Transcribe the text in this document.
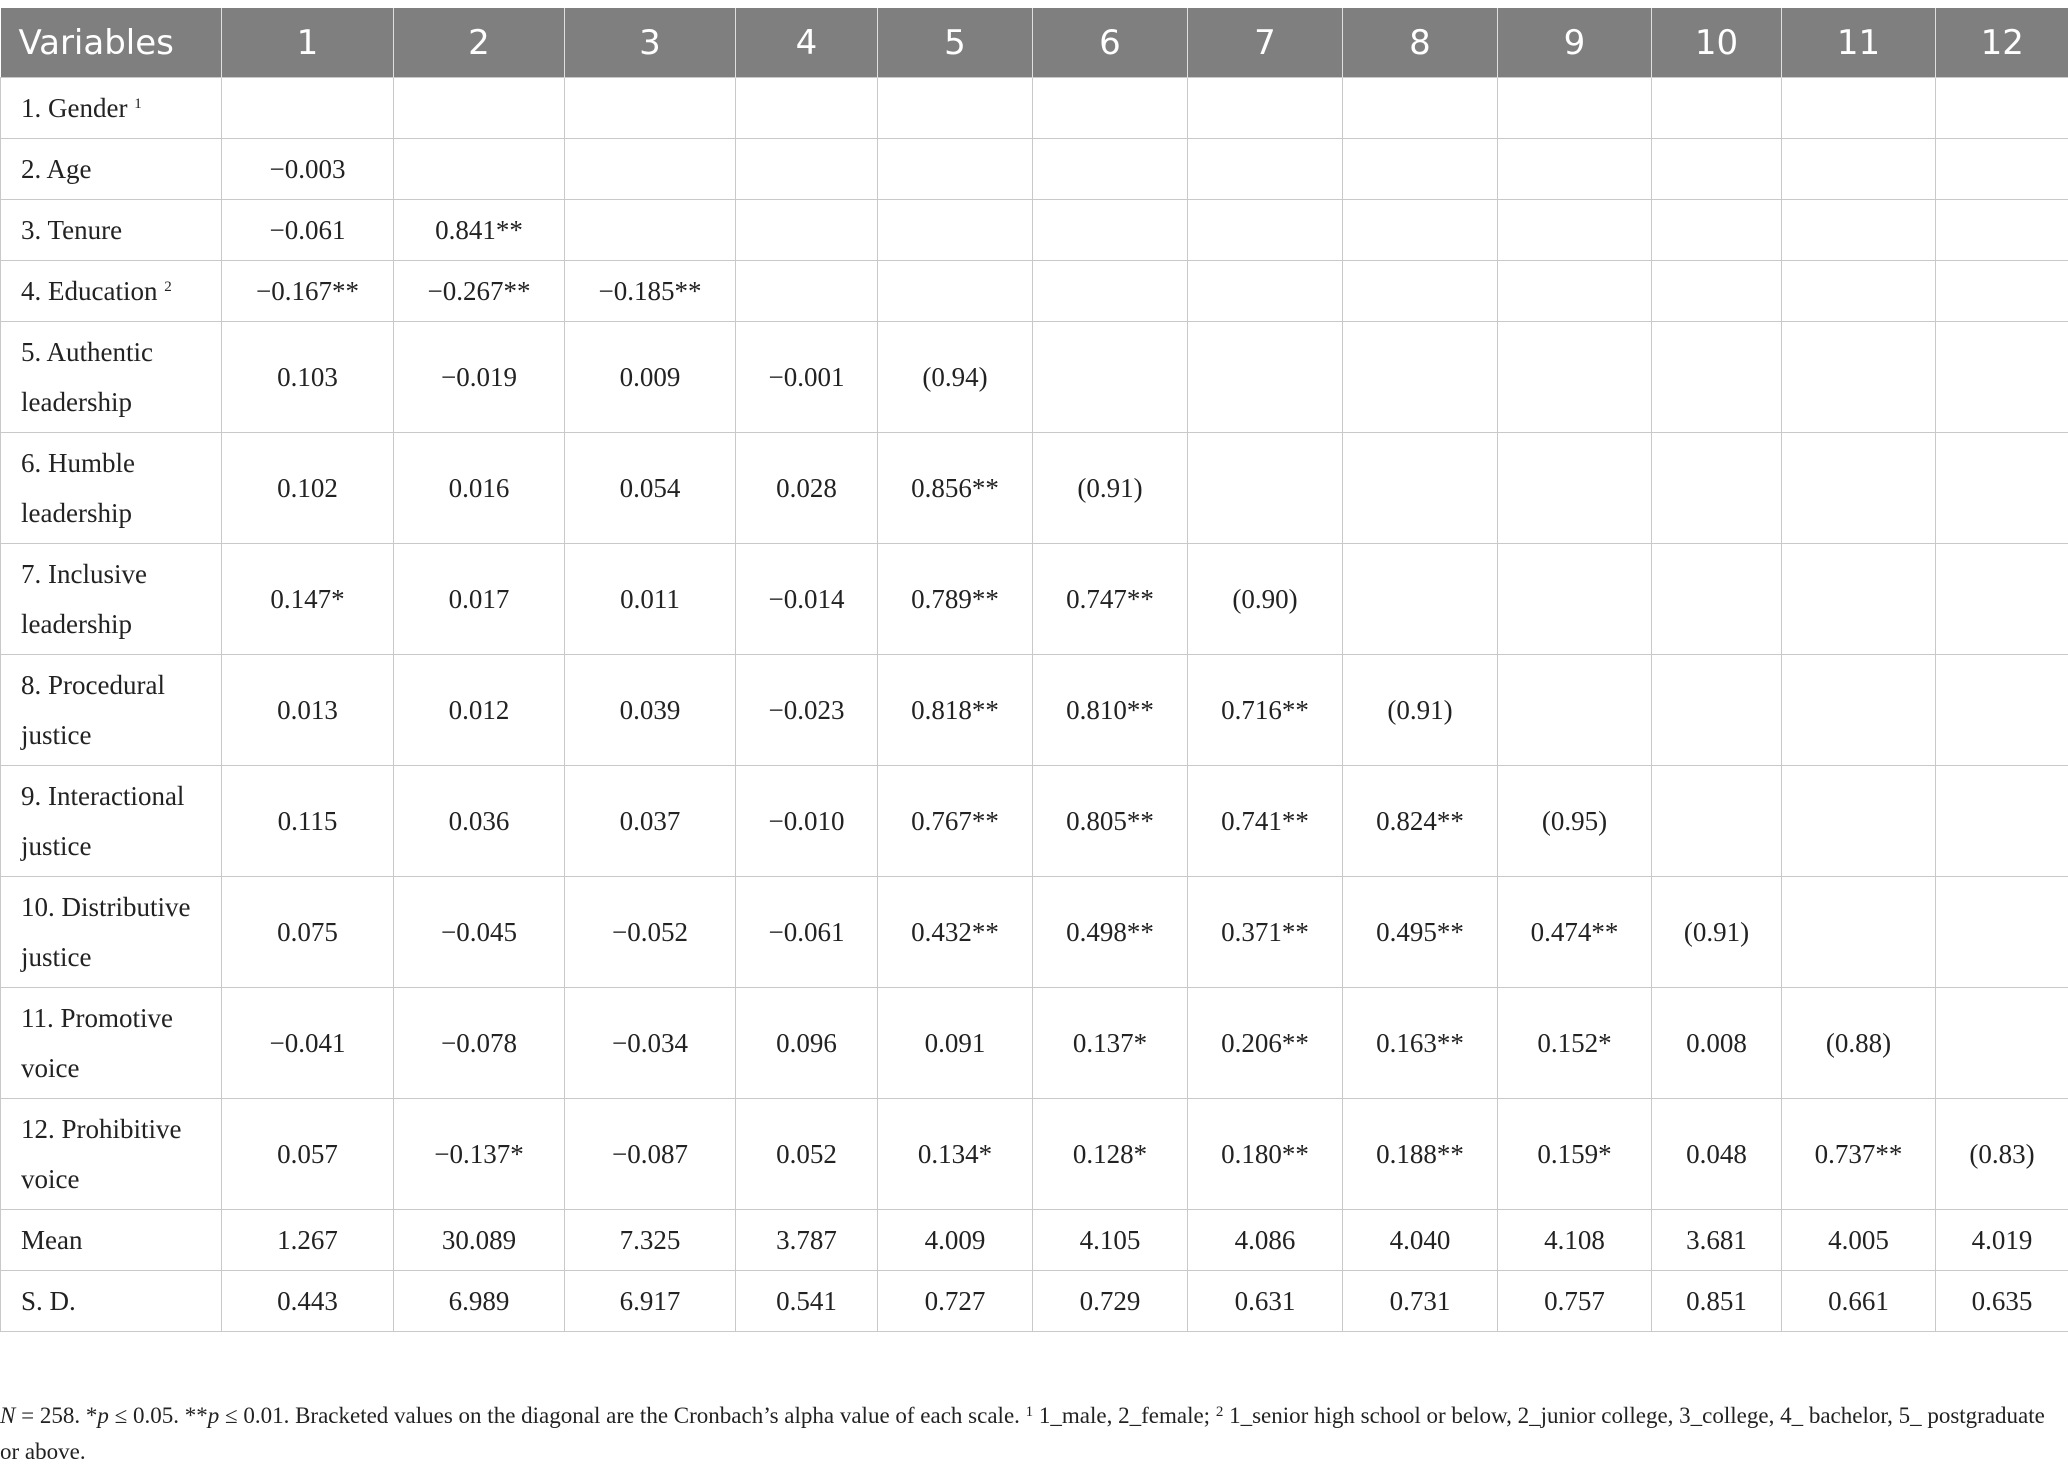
Variables	1	2	3	4	5	6	7	8	9	10	11	12
1. Gender $^1$												
2. Age	−0.003											
3. Tenure	−0.061	0.841**										
4. Education $^2$	−0.167**	−0.267**	−0.185**									
5. Authentic leadership	0.103	−0.019	0.009	−0.001	(0.94)							
6. Humble leadership	0.102	0.016	0.054	0.028	0.856**	(0.91)						
7. Inclusive leadership	0.147*	0.017	0.011	−0.014	0.789**	0.747**	(0.90)					
8. Procedural justice	0.013	0.012	0.039	−0.023	0.818**	0.810**	0.716**	(0.91)				
9. Interactional justice	0.115	0.036	0.037	−0.010	0.767**	0.805**	0.741**	0.824**	(0.95)			
10. Distributive justice	0.075	−0.045	−0.052	−0.061	0.432**	0.498**	0.371**	0.495**	0.474**	(0.91)		
11. Promotive voice	−0.041	−0.078	−0.034	0.096	0.091	0.137*	0.206**	0.163**	0.152*	0.008	(0.88)	
12. Prohibitive voice	0.057	−0.137*	−0.087	0.052	0.134*	0.128*	0.180**	0.188**	0.159*	0.048	0.737**	(0.83)
Mean	1.267	30.089	7.325	3.787	4.009	4.105	4.086	4.040	4.108	3.681	4.005	4.019
S. D.	0.443	6.989	6.917	0.541	0.727	0.729	0.631	0.731	0.757	0.851	0.661	0.635
N = 258. *p ≤ 0.05. **p ≤ 0.01. Bracketed values on the diagonal are the Cronbach’s alpha value of each scale. $^1$ 1_male, 2_female; $^2$ 1_senior high school or below, 2_junior college, 3_college, 4_ bachelor, 5_ postgraduate or above.
